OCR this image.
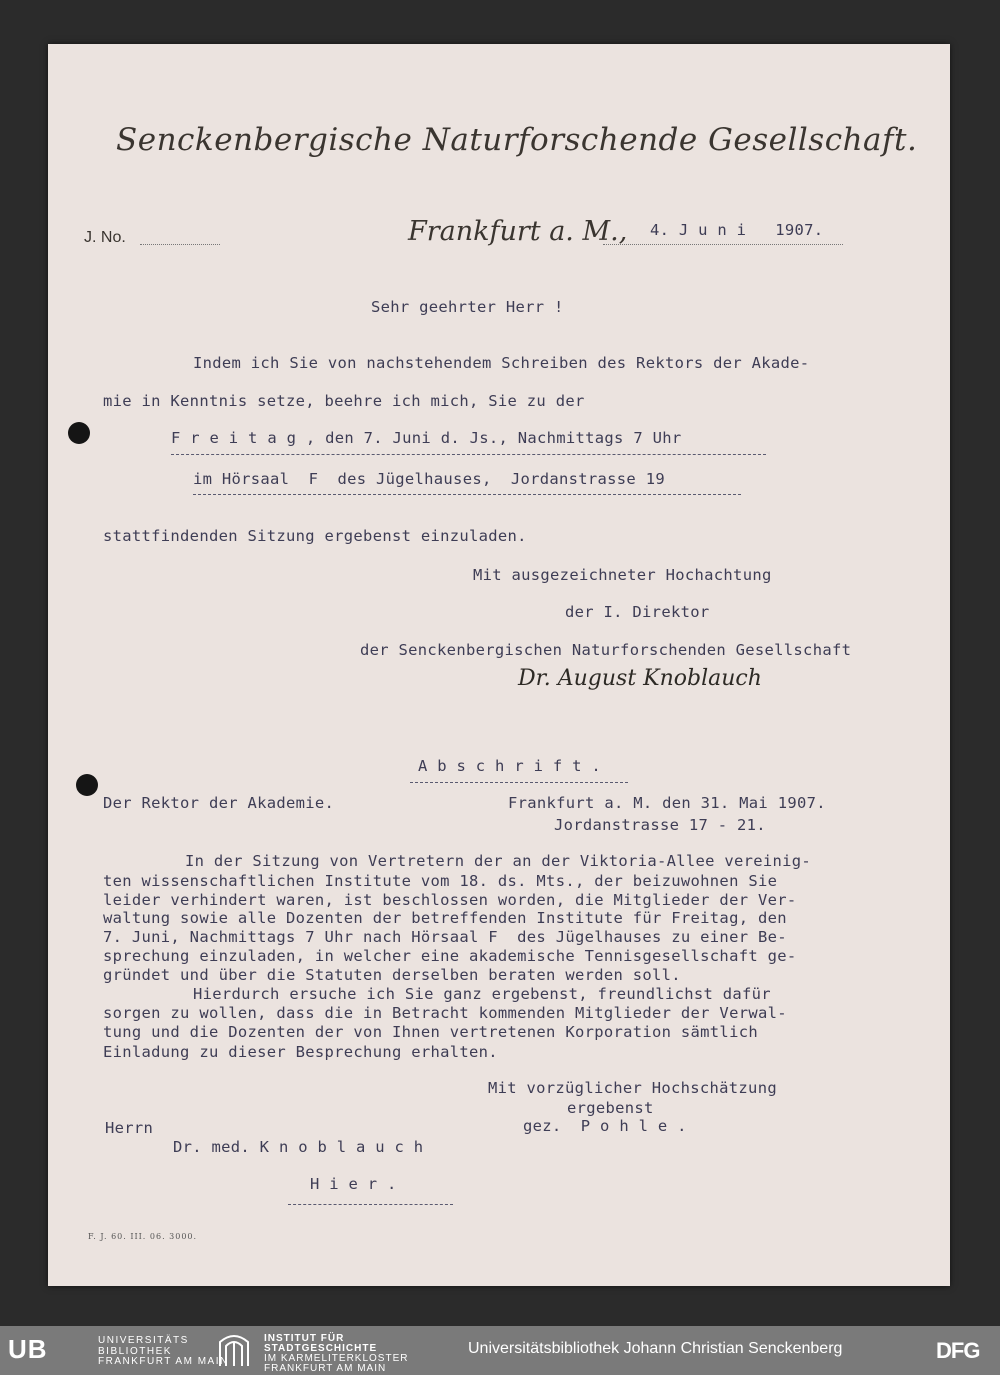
Senckenbergische Naturforschende Gesellschaft.
J. No.	Frankfurt a. M., 4. J u n i   1907.
Sehr geehrter Herr !
Indem ich Sie von nachstehendem Schreiben des Rektors der Akade-
mie in Kenntnis setze, beehre ich mich, Sie zu der
F r e i t a g , den 7. Juni d. Js., Nachmittags 7 Uhr
im Hörsaal  F  des Jügelhauses,  Jordanstrasse 19
stattfindenden Sitzung ergebenst einzuladen.
Mit ausgezeichneter Hochachtung
der I. Direktor
der Senckenbergischen Naturforschenden Gesellschaft
Dr. August Knoblauch
A b s c h r i f t .
Der Rektor der Akademie.	Frankfurt a. M. den 31. Mai 1907.
Jordanstrasse 17 - 21.
In der Sitzung von Vertretern der an der Viktoria-Allee vereinig-
ten wissenschaftlichen Institute vom 18. ds. Mts., der beizuwohnen Sie
leider verhindert waren, ist beschlossen worden, die Mitglieder der Ver-
waltung sowie alle Dozenten der betreffenden Institute für Freitag, den
7. Juni, Nachmittags 7 Uhr nach Hörsaal F  des Jügelhauses zu einer Be-
sprechung einzuladen, in welcher eine akademische Tennisgesellschaft ge-
gründet und über die Statuten derselben beraten werden soll.
Hierdurch ersuche ich Sie ganz ergebenst, freundlichst dafür
sorgen zu wollen, dass die in Betracht kommenden Mitglieder der Verwal-
tung und die Dozenten der von Ihnen vertretenen Korporation sämtlich
Einladung zu dieser Besprechung erhalten.
Mit vorzüglicher Hochschätzung
ergebenst
gez.  P o h l e .
Herrn
Dr. med. K n o b l a u c h
H i e r .
F. J. 60. III. 06. 3000.
UB	UNIVERSITÄTS
BIBLIOTHEK
FRANKFURT AM MAIN
INSTITUT FÜR
STADTGESCHICHTE
IM KARMELITERKLOSTER
FRANKFURT AM MAIN
Universitätsbibliothek Johann Christian Senckenberg	DFG
